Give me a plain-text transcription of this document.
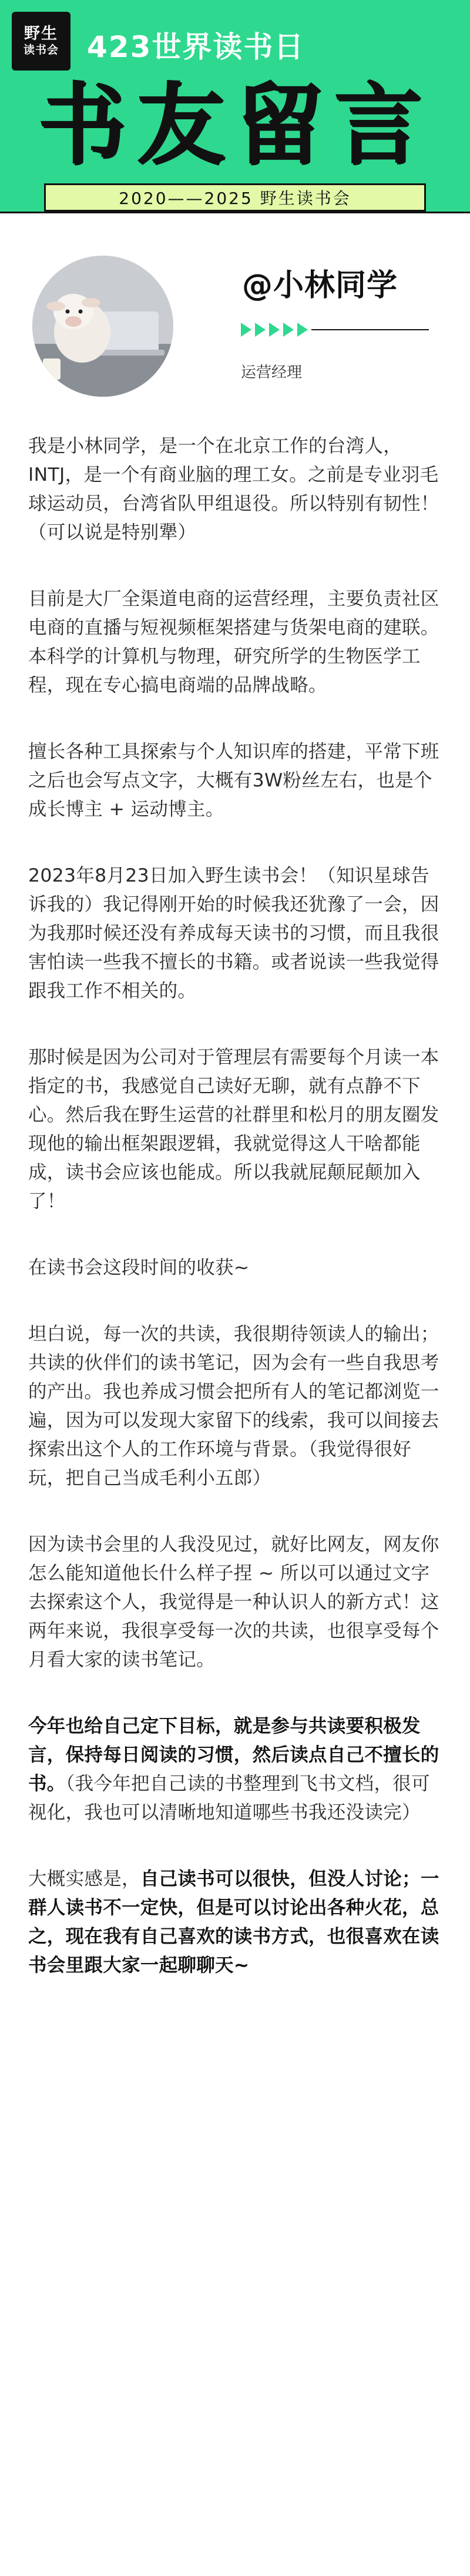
野生
读书会 423世界读书日
书友留言
2020——2025 野生读书会
@小林同学
运营经理

我是小林同学，是一个在北京工作的台湾人，INTJ，是一个有商业脑的理工女。之前是专业羽毛球运动员，台湾省队甲组退役。所以特别有韧性！（可以说是特别犟）

目前是大厂全渠道电商的运营经理，主要负责社区电商的直播与短视频框架搭建与货架电商的建联。本科学的计算机与物理，研究所学的生物医学工程，现在专心搞电商端的品牌战略。

擅长各种工具探索与个人知识库的搭建，平常下班之后也会写点文字，大概有3W粉丝左右，也是个成长博主 + 运动博主。

2023年8月23日加入野生读书会！（知识星球告诉我的）我记得刚开始的时候我还犹豫了一会，因为我那时候还没有养成每天读书的习惯，而且我很害怕读一些我不擅长的书籍。或者说读一些我觉得跟我工作不相关的。

那时候是因为公司对于管理层有需要每个月读一本指定的书，我感觉自己读好无聊，就有点静不下心。然后我在野生运营的社群里和松月的朋友圈发现他的输出框架跟逻辑，我就觉得这人干啥都能成，读书会应该也能成。所以我就屁颠屁颠加入了！

在读书会这段时间的收获~

坦白说，每一次的共读，我很期待领读人的输出；共读的伙伴们的读书笔记，因为会有一些自我思考的产出。我也养成习惯会把所有人的笔记都浏览一遍，因为可以发现大家留下的线索，我可以间接去探索出这个人的工作环境与背景。（我觉得很好玩，把自己当成毛利小五郎）

因为读书会里的人我没见过，就好比网友，网友你怎么能知道他长什么样子捏 ~ 所以可以通过文字去探索这个人，我觉得是一种认识人的新方式！这两年来说，我很享受每一次的共读，也很享受每个月看大家的读书笔记。

今年也给自己定下目标，就是参与共读要积极发言，保持每日阅读的习惯，然后读点自己不擅长的书。（我今年把自己读的书整理到飞书文档，很可视化，我也可以清晰地知道哪些书我还没读完）

大概实感是，自己读书可以很快，但没人讨论；一群人读书不一定快，但是可以讨论出各种火花，总之，现在我有自己喜欢的读书方式，也很喜欢在读书会里跟大家一起聊聊天~
